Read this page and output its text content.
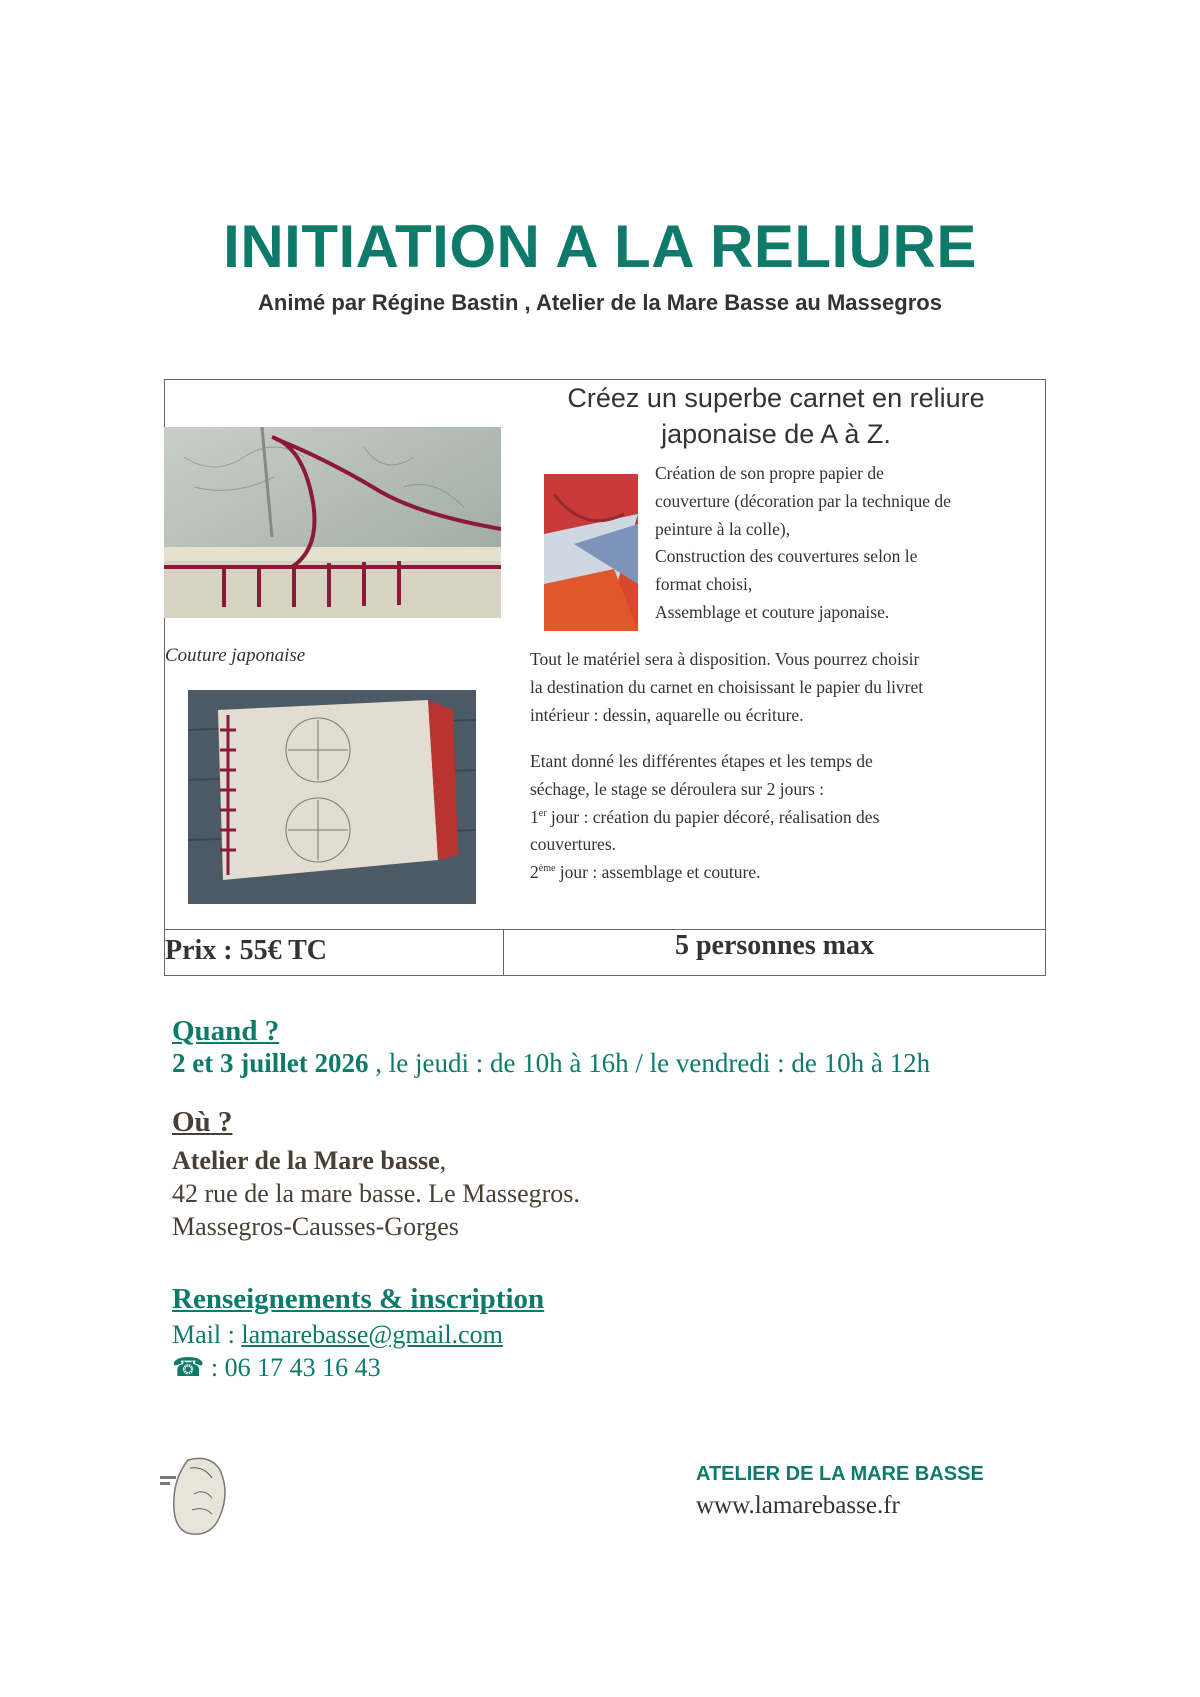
INITIATION A LA RELIURE
Animé par Régine Bastin , Atelier de la Mare Basse au Massegros
Couture japonaise
Créez un superbe carnet en reliure
japonaise de A à Z.
Création de son propre papier de
couverture (décoration par la technique de
peinture à la colle),
Construction des couvertures selon le
format choisi,
Assemblage et couture japonaise.
Tout le matériel sera à disposition. Vous pourrez choisir
la destination du carnet en choisissant le papier du livret
intérieur : dessin, aquarelle ou écriture.
Etant donné les différentes étapes et les temps de
séchage, le stage se déroulera sur 2 jours :
1er jour : création du papier décoré, réalisation des
couvertures.
2ème jour : assemblage et couture.
Prix : 55€ TC	5 personnes max
Quand ?
2 et 3 juillet 2026 , le jeudi : de 10h à 16h / le vendredi : de 10h à 12h
Où ?
Atelier de la Mare basse,
42 rue de la mare basse. Le Massegros.
Massegros-Causses-Gorges
Renseignements & inscription
Mail : lamarebasse@gmail.com
☎ : 06 17 43 16 43
ATELIER DE LA MARE BASSE
www.lamarebasse.fr
